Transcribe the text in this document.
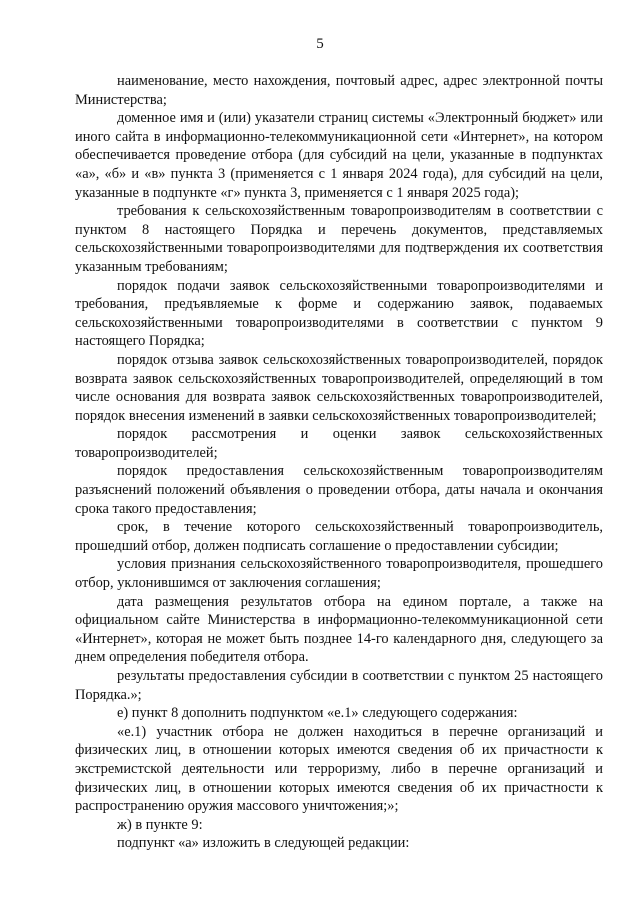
5

наименование, место нахождения, почтовый адрес, адрес электронной почты Министерства;

доменное имя и (или) указатели страниц системы «Электронный бюджет» или иного сайта в информационно-телекоммуникационной сети «Интернет», на котором обеспечивается проведение отбора (для субсидий на цели, указанные в подпунктах «а», «б» и «в» пункта 3 (применяется с 1 января 2024 года), для субсидий на цели, указанные в подпункте «г» пункта 3, применяется с 1 января 2025 года);

требования к сельскохозяйственным товаропроизводителям в соответствии с пунктом 8 настоящего Порядка и перечень документов, представляемых сельскохозяйственными товаропроизводителями для подтверждения их соответствия указанным требованиям;

порядок подачи заявок сельскохозяйственными товаропроизводителями и требования, предъявляемые к форме и содержанию заявок, подаваемых сельскохозяйственными товаропроизводителями в соответствии с пунктом 9 настоящего Порядка;

порядок отзыва заявок сельскохозяйственных товаропроизводителей, порядок возврата заявок сельскохозяйственных товаропроизводителей, определяющий в том числе основания для возврата заявок сельскохозяйственных товаропроизводителей, порядок внесения изменений в заявки сельскохозяйственных товаропроизводителей;

порядок рассмотрения и оценки заявок сельскохозяйственных товаропроизводителей;

порядок предоставления сельскохозяйственным товаропроизводителям разъяснений положений объявления о проведении отбора, даты начала и окончания срока такого предоставления;

срок, в течение которого сельскохозяйственный товаропроизводитель, прошедший отбор, должен подписать соглашение о предоставлении субсидии;

условия признания сельскохозяйственного товаропроизводителя, прошедшего отбор, уклонившимся от заключения соглашения;

дата размещения результатов отбора на едином портале, а также на официальном сайте Министерства в информационно-телекоммуникационной сети «Интернет», которая не может быть позднее 14-го календарного дня, следующего за днем определения победителя отбора.

результаты предоставления субсидии в соответствии с пунктом 25 настоящего Порядка.»;

е) пункт 8 дополнить подпунктом «е.1» следующего содержания:

«е.1) участник отбора не должен находиться в перечне организаций и физических лиц, в отношении которых имеются сведения об их причастности к экстремистской деятельности или терроризму, либо в перечне организаций и физических лиц, в отношении которых имеются сведения об их причастности к распространению оружия массового уничтожения;»;

ж) в пункте 9:

подпункт «а» изложить в следующей редакции:
